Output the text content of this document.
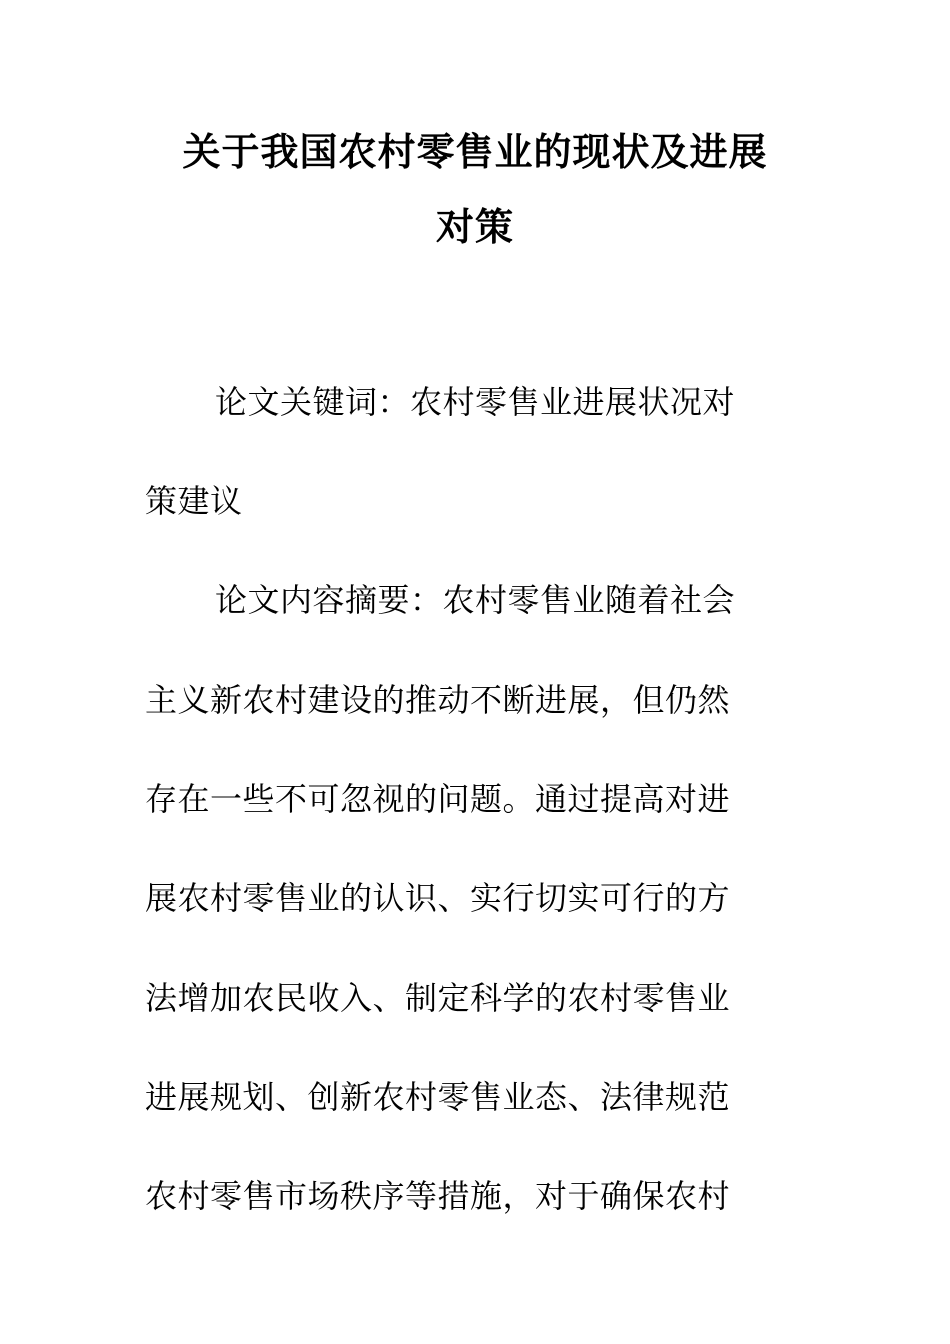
关于我国农村零售业的现状及进展
对策
论文关键词：农村零售业进展状况对
策建议
论文内容摘要：农村零售业随着社会
主义新农村建设的推动不断进展，但仍然
存在一些不可忽视的问题。通过提高对进
展农村零售业的认识、实行切实可行的方
法增加农民收入、制定科学的农村零售业
进展规划、创新农村零售业态、法律规范
农村零售市场秩序等措施，对于确保农村
